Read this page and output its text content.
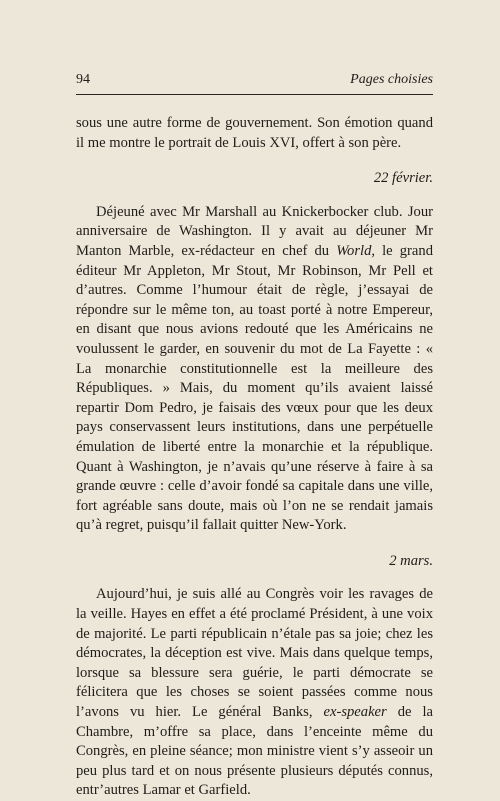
94	Pages choisies

sous une autre forme de gouvernement. Son émotion quand il me montre le portrait de Louis XVI, offert à son père.

22 février.

Déjeuné avec Mr Marshall au Knickerbocker club. Jour anniversaire de Washington. Il y avait au déjeuner Mr Manton Marble, ex-rédacteur en chef du World, le grand éditeur Mr Appleton, Mr Stout, Mr Robinson, Mr Pell et d’autres. Comme l’humour était de règle, j’essayai de répondre sur le même ton, au toast porté à notre Empereur, en disant que nous avions redouté que les Américains ne voulussent le garder, en souvenir du mot de La Fayette : « La monarchie constitutionnelle est la meilleure des Républiques. » Mais, du moment qu’ils avaient laissé repartir Dom Pedro, je faisais des vœux pour que les deux pays conservassent leurs institutions, dans une perpétuelle émulation de liberté entre la monarchie et la république. Quant à Washington, je n’avais qu’une réserve à faire à sa grande œuvre : celle d’avoir fondé sa capitale dans une ville, fort agréable sans doute, mais où l’on ne se rendait jamais qu’à regret, puisqu’il fallait quitter New-York.

2 mars.

Aujourd’hui, je suis allé au Congrès voir les ravages de la veille. Hayes en effet a été proclamé Président, à une voix de majorité. Le parti républicain n’étale pas sa joie; chez les démocrates, la déception est vive. Mais dans quelque temps, lorsque sa blessure sera guérie, le parti démocrate se félicitera que les choses se soient passées comme nous l’avons vu hier. Le général Banks, ex-speaker de la Chambre, m’offre sa place, dans l’enceinte même du Congrès, en pleine séance; mon ministre vient s’y asseoir un peu plus tard et on nous présente plusieurs députés connus, entr’autres Lamar et Garfield.
